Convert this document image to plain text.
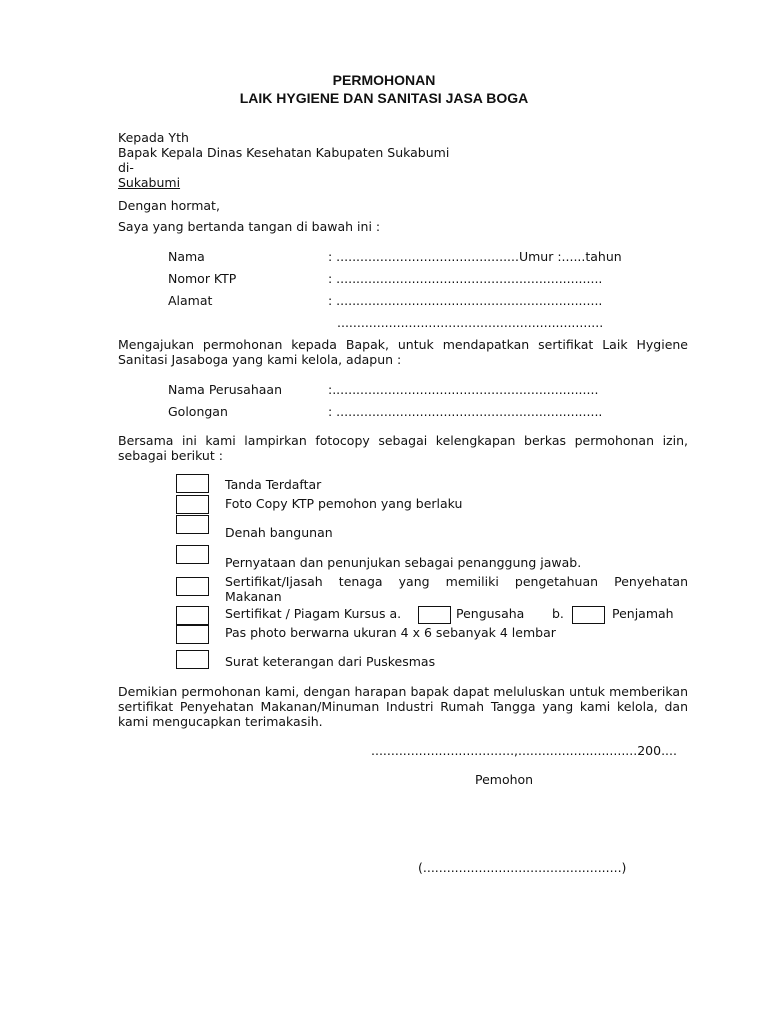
PERMOHONAN
LAIK HYGIENE DAN SANITASI JASA BOGA
Kepada Yth
Bapak Kepala Dinas Kesehatan Kabupaten Sukabumi
di-
Sukabumi
Dengan hormat,
Saya yang bertanda tangan di bawah ini :
Nama	: ..............................................Umur :......tahun
Nomor KTP	: ...................................................................
Alamat	: ...................................................................
...................................................................
Mengajukan permohonan kepada Bapak, untuk mendapatkan sertifikat Laik Hygiene Sanitasi Jasaboga yang kami kelola, adapun :
Nama Perusahaan	:...................................................................
Golongan	: ...................................................................
Bersama ini kami lampirkan fotocopy sebagai kelengkapan berkas permohonan izin, sebagai berikut :
Tanda Terdaftar
Foto Copy KTP pemohon yang berlaku
Denah bangunan
Pernyataan dan penunjukan sebagai penanggung jawab.
Sertifikat/Ijasah tenaga yang memiliki pengetahuan Penyehatan Makanan
Sertifikat / Piagam Kursus a.	Pengusaha b.	Penjamah
Pas photo berwarna ukuran 4 x 6 sebanyak 4 lembar
Surat keterangan dari Puskesmas
Demikian permohonan kami, dengan harapan bapak dapat meluluskan untuk memberikan sertifikat Penyehatan Makanan/Minuman Industri Rumah Tangga yang kami kelola, dan kami mengucapkan terimakasih.
....................................,..............................200....
Pemohon
(..................................................)
